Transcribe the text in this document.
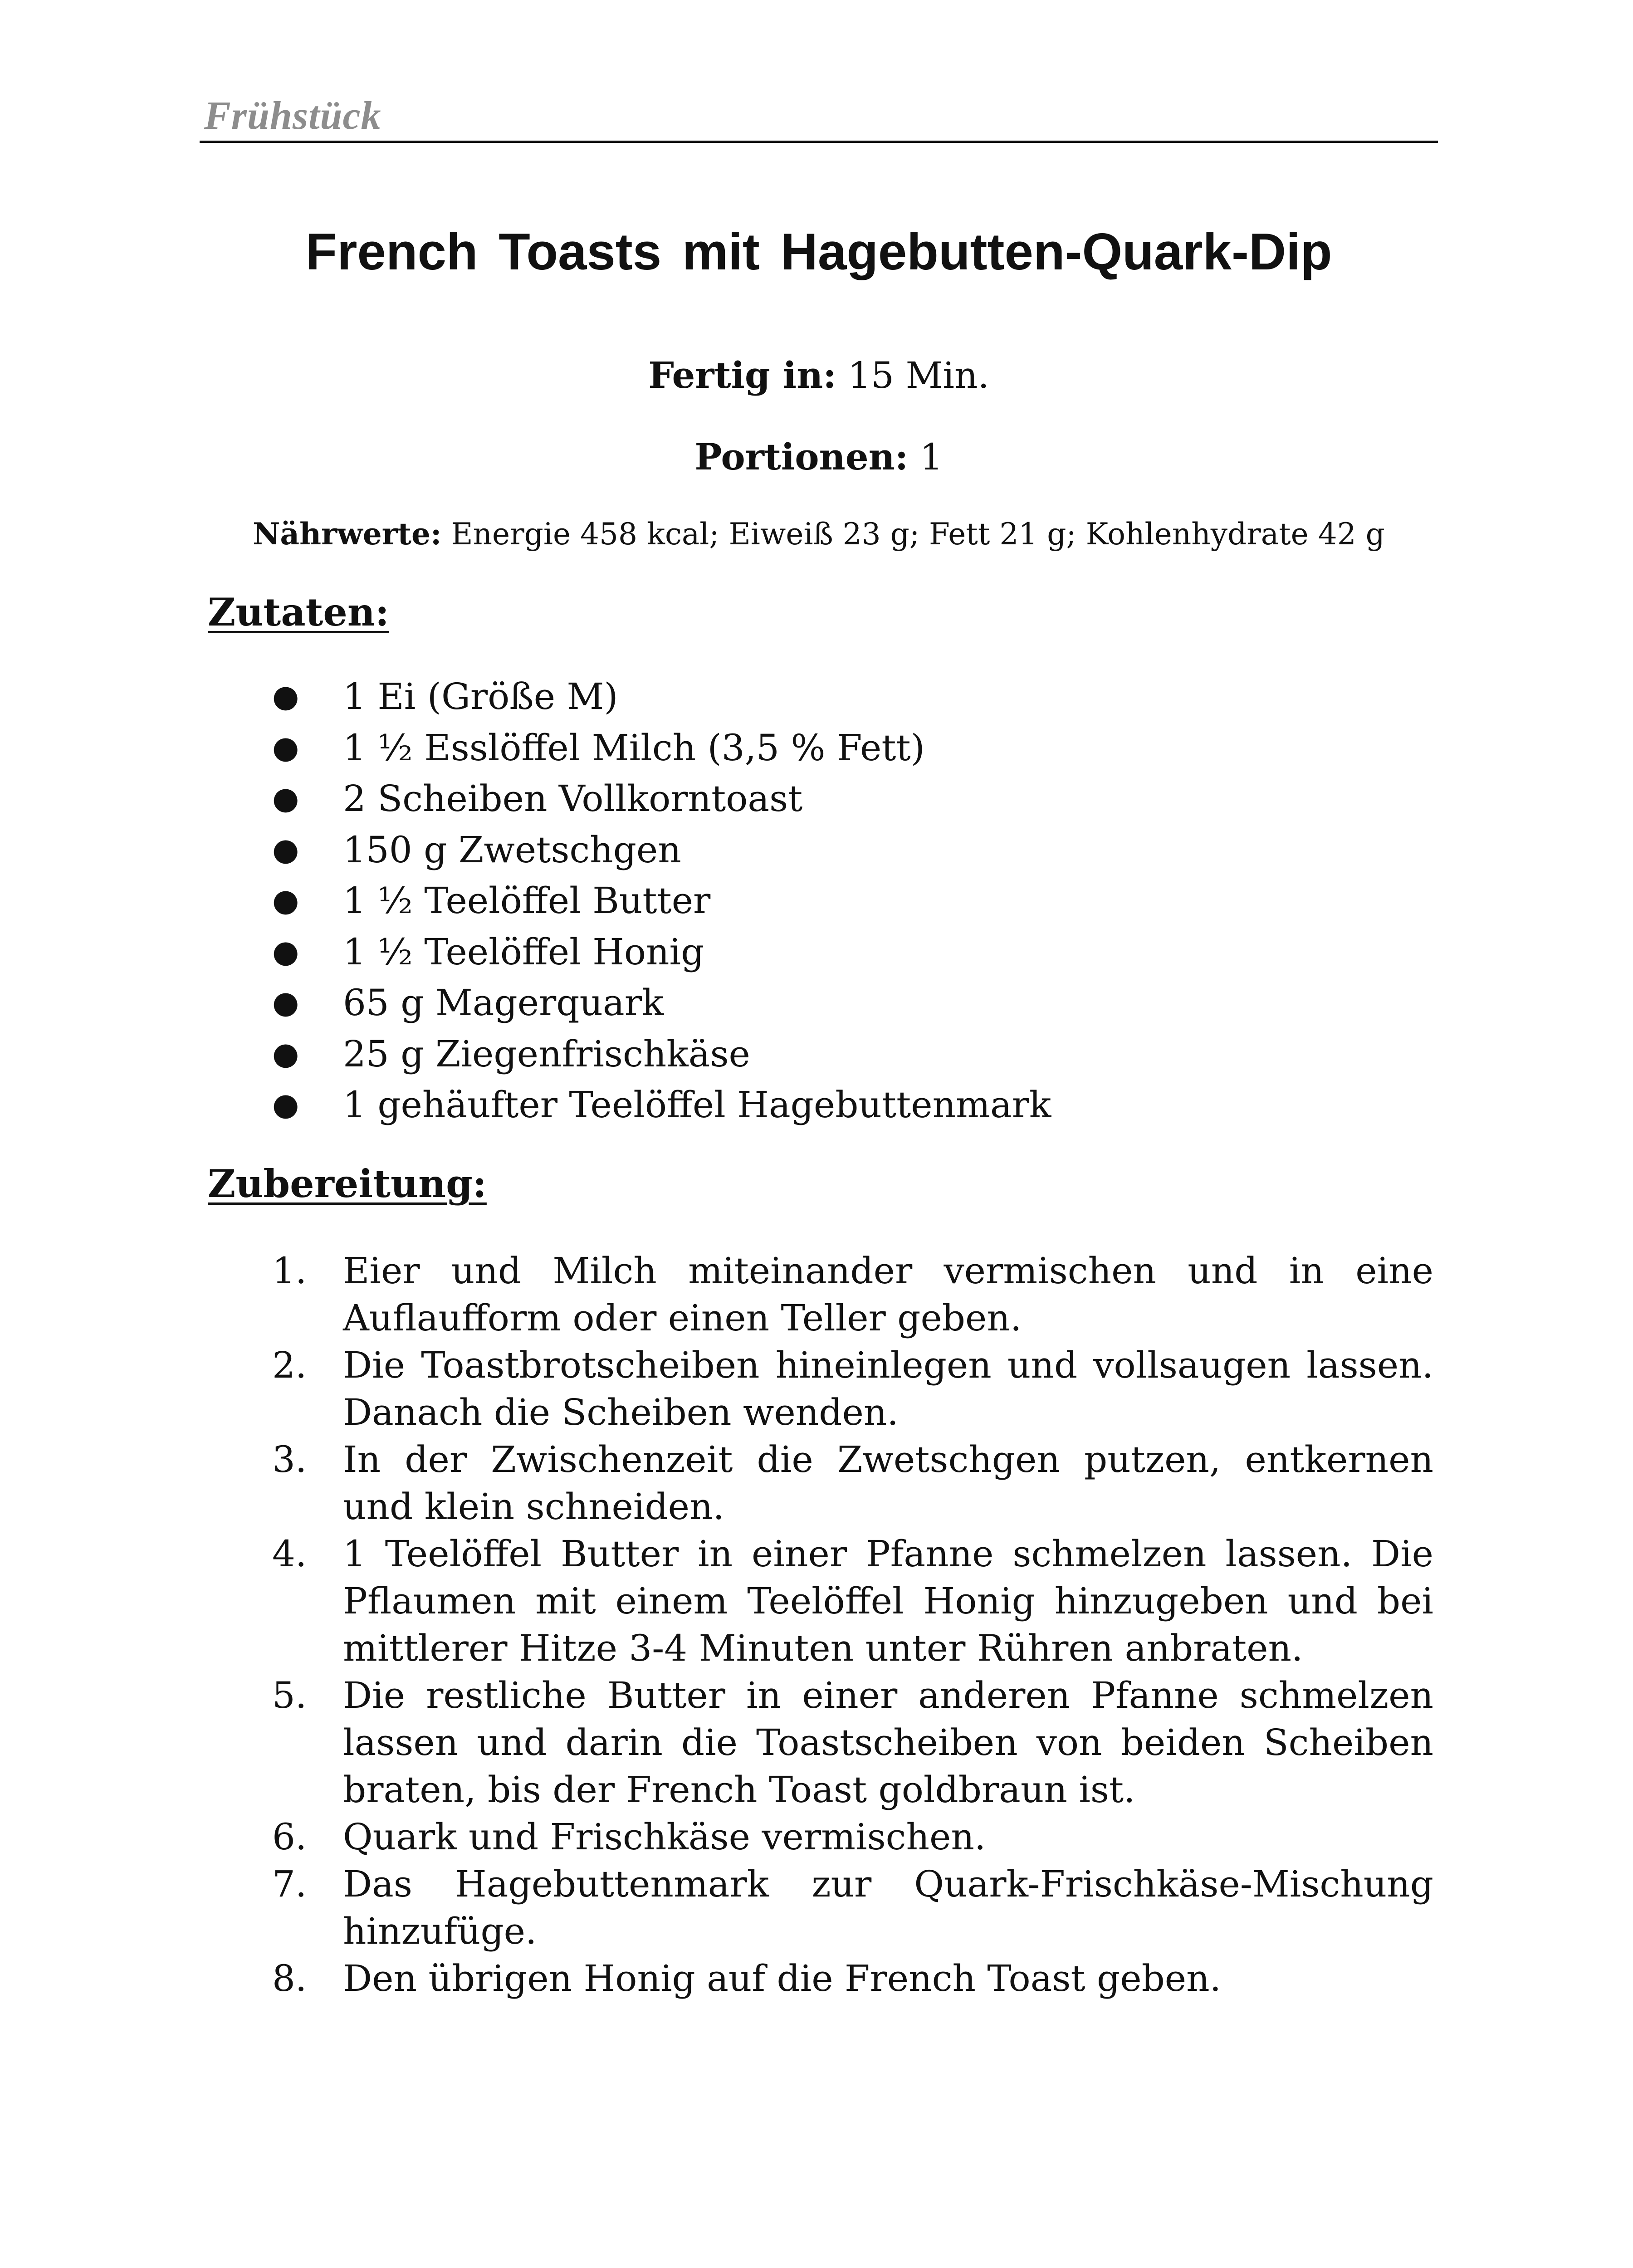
Frühstück
French Toasts mit Hagebutten-Quark-Dip
Fertig in: 15 Min.
Portionen: 1
Nährwerte: Energie 458 kcal; Eiweiß 23 g; Fett 21 g; Kohlenhydrate 42 g
Zutaten:
● 1 Ei (Größe M)
● 1 ½ Esslöffel Milch (3,5 % Fett)
● 2 Scheiben Vollkorntoast
● 150 g Zwetschgen
● 1 ½ Teelöffel Butter
● 1 ½ Teelöffel Honig
● 65 g Magerquark
● 25 g Ziegenfrischkäse
● 1 gehäufter Teelöffel Hagebuttenmark
Zubereitung:
1. Eier und Milch miteinander vermischen und in eine Auflaufform oder einen Teller geben.
2. Die Toastbrotscheiben hineinlegen und vollsaugen lassen. Danach die Scheiben wenden.
3. In der Zwischenzeit die Zwetschgen putzen, entkernen und klein schneiden.
4. 1 Teelöffel Butter in einer Pfanne schmelzen lassen. Die Pflaumen mit einem Teelöffel Honig hinzugeben und bei mittlerer Hitze 3-4 Minuten unter Rühren anbraten.
5. Die restliche Butter in einer anderen Pfanne schmelzen lassen und darin die Toastscheiben von beiden Scheiben braten, bis der French Toast goldbraun ist.
6. Quark und Frischkäse vermischen.
7. Das Hagebuttenmark zur Quark-Frischkäse-Mischung hinzufüge.
8. Den übrigen Honig auf die French Toast geben.
